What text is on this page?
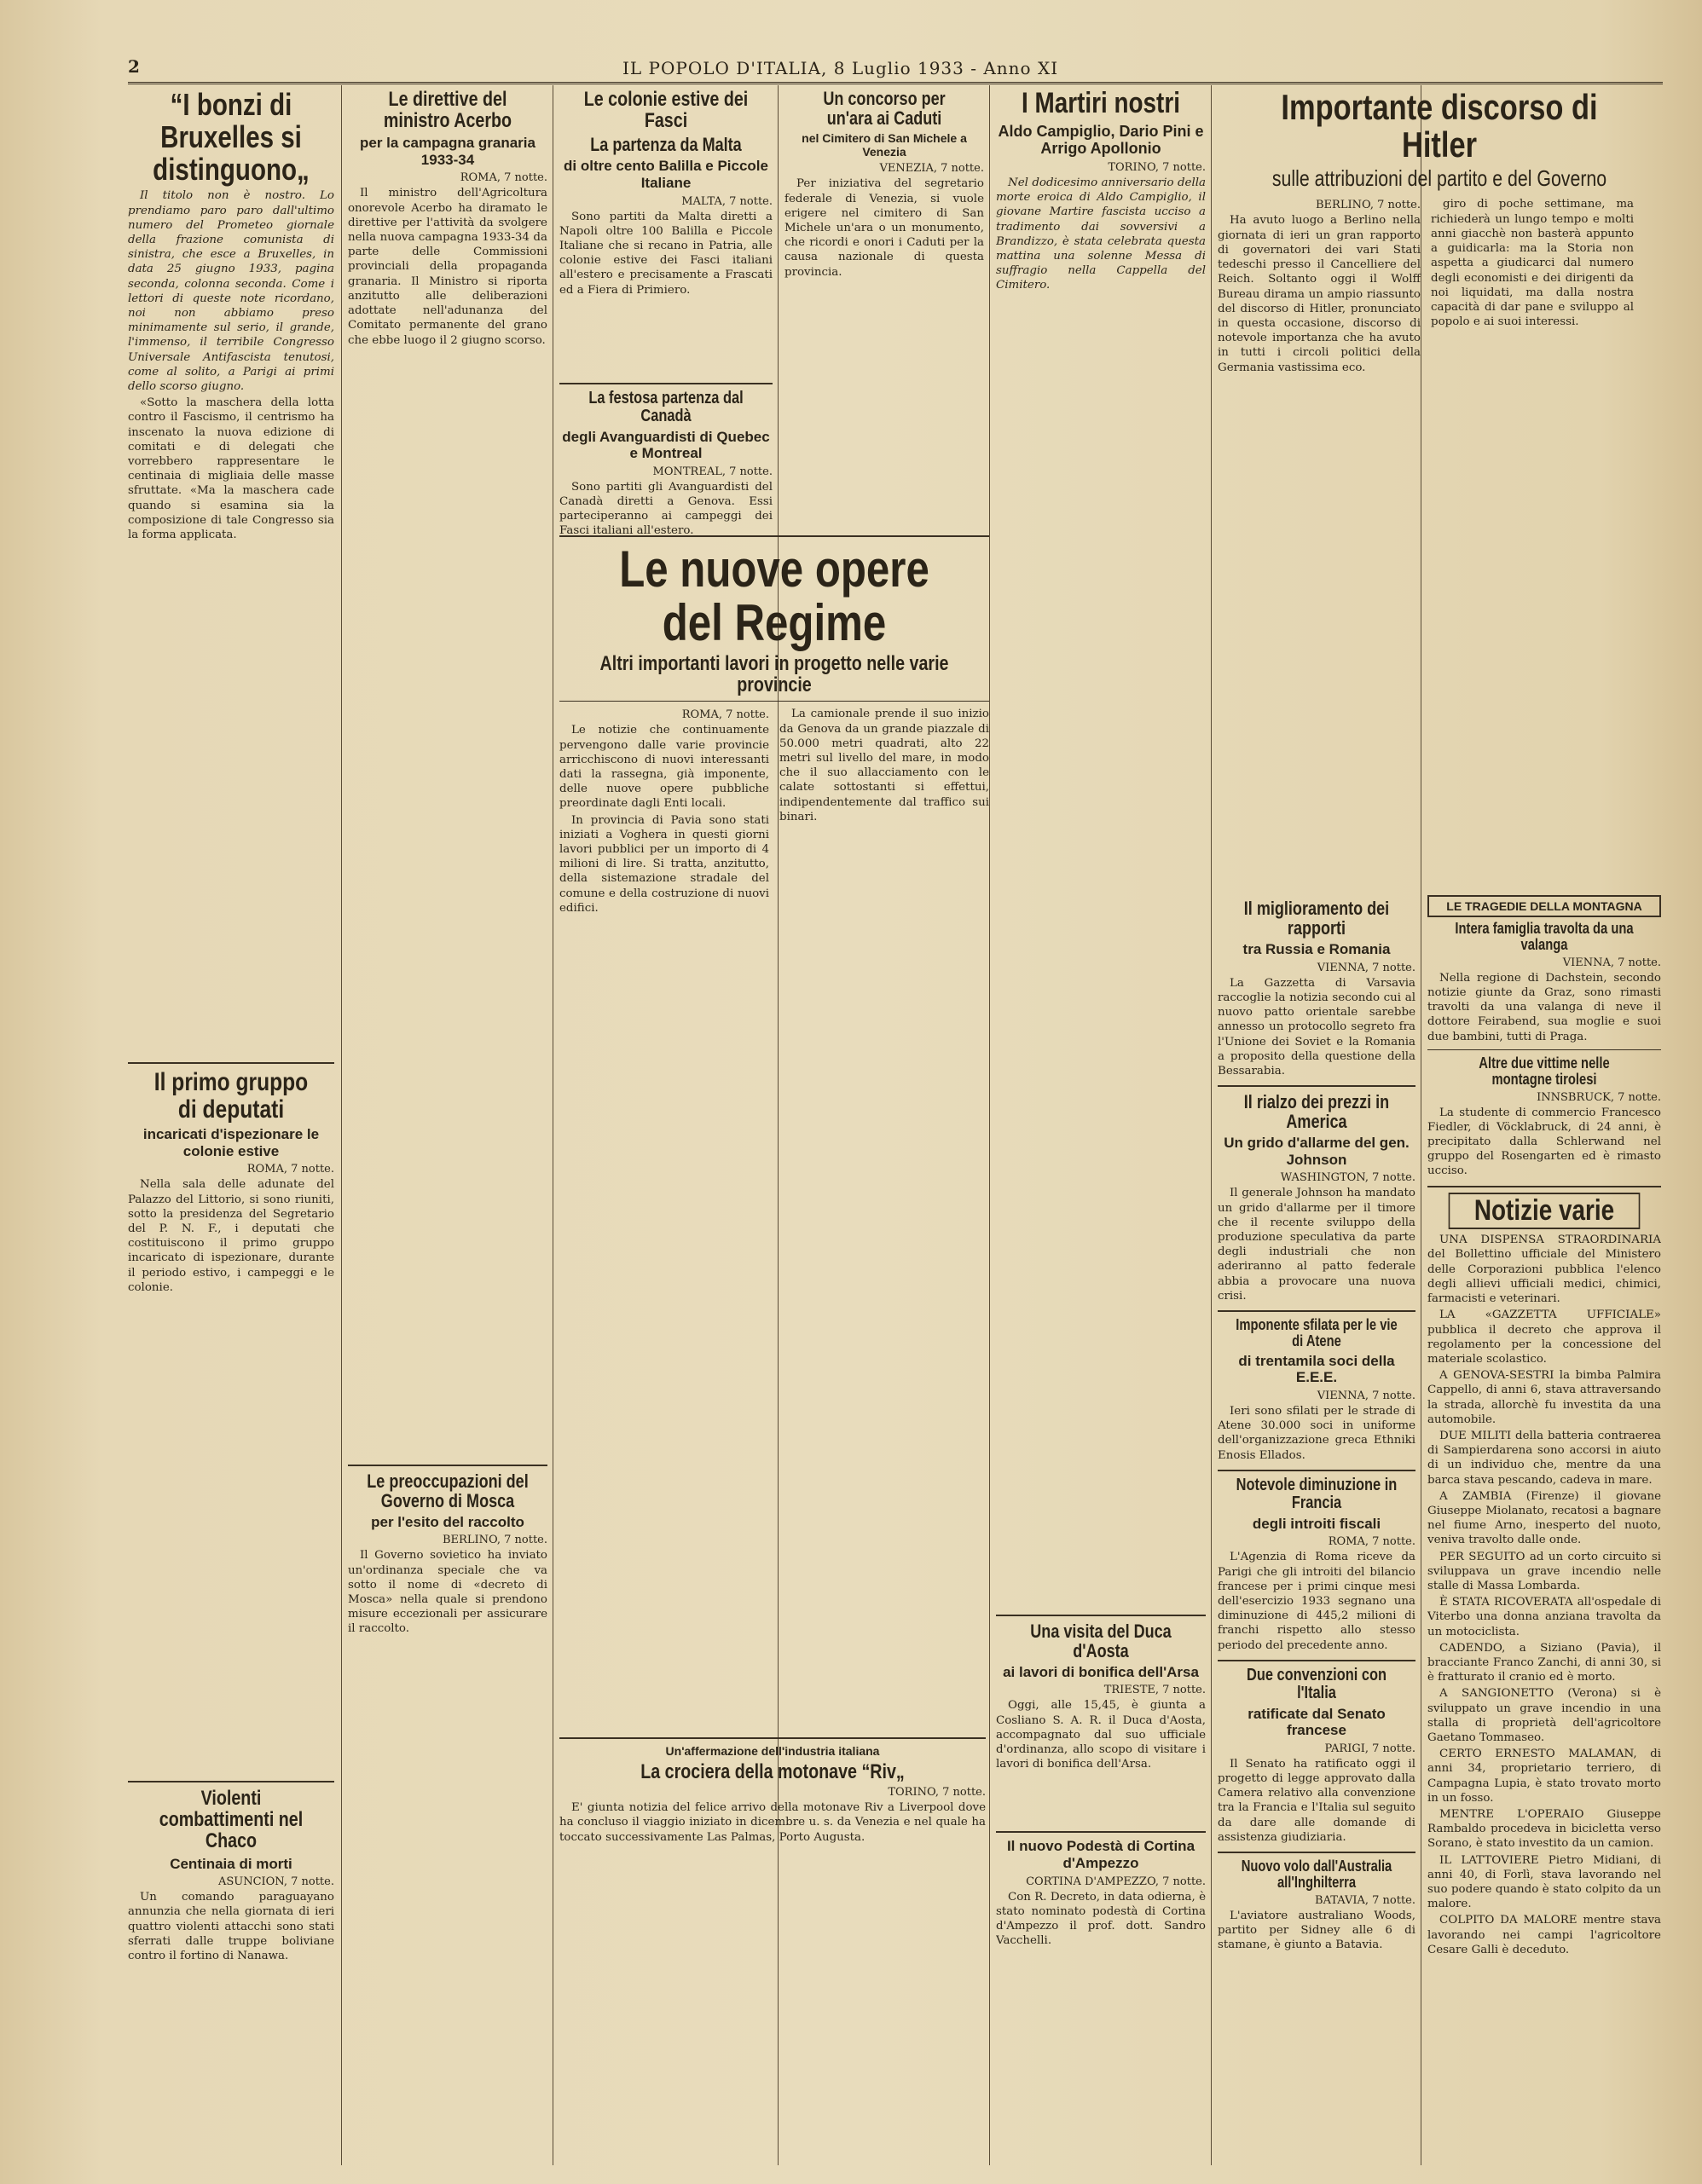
2	IL POPOLO D'ITALIA, 8 Luglio 1933 - Anno XI
“I bonzi di Bruxelles si distinguono„

Il titolo non è nostro. Lo prendiamo paro paro dall'ultimo numero del Prometeo giornale della frazione comunista di sinistra, che esce a Bruxelles, in data 25 giugno 1933, pagina seconda, colonna seconda. Come i lettori di queste note ricordano, noi non abbiamo preso minimamente sul serio, il grande, l'immenso, il terribile Congresso Universale Antifascista tenutosi, come al solito, a Parigi ai primi dello scorso giugno.

«Sotto la maschera della lotta contro il Fascismo, il centrismo ha inscenato la nuova edizione di comitati e di delegati che vorrebbero rappresentare le centinaia di migliaia delle masse sfruttate. «Ma la maschera cade quando si esamina sia la composizione di tale Congresso sia la forma applicata.

Il primo gruppo di deputati
incaricati d'ispezionare le colonie estive
ROMA, 7 notte.

Nella sala delle adunate del Palazzo del Littorio, si sono riuniti, sotto la presidenza del Segretario del P. N. F., i deputati che costituiscono il primo gruppo incaricato di ispezionare, durante il periodo estivo, i campeggi e le colonie.

Violenti combattimenti nel Chaco
Centinaia di morti
ASUNCION, 7 notte.

Un comando paraguayano annunzia che nella giornata di ieri quattro violenti attacchi sono stati sferrati dalle truppe boliviane contro il fortino di Nanawa.

Le direttive del ministro Acerbo
per la campagna granaria 1933-34
ROMA, 7 notte.

Il ministro dell'Agricoltura onorevole Acerbo ha diramato le direttive per l'attività da svolgere nella nuova campagna 1933-34 da parte delle Commissioni provinciali della propaganda granaria. Il Ministro si riporta anzitutto alle deliberazioni adottate nell'adunanza del Comitato permanente del grano che ebbe luogo il 2 giugno scorso.

Le preoccupazioni del Governo di Mosca
per l'esito del raccolto
BERLINO, 7 notte.

Il Governo sovietico ha inviato un'ordinanza speciale che va sotto il nome di «decreto di Mosca» nella quale si prendono misure eccezionali per assicurare il raccolto.

Le colonie estive dei Fasci
La partenza da Malta
di oltre cento Balilla e Piccole Italiane
MALTA, 7 notte.

Sono partiti da Malta diretti a Napoli oltre 100 Balilla e Piccole Italiane che si recano in Patria, alle colonie estive dei Fasci italiani all'estero e precisamente a Frascati ed a Fiera di Primiero.

La festosa partenza dal Canadà
degli Avanguardisti di Quebec e Montreal
MONTREAL, 7 notte.

Sono partiti gli Avanguardisti del Canadà diretti a Genova. Essi parteciperanno ai campeggi dei Fasci italiani all'estero.

Un concorso per un'ara ai Caduti
nel Cimitero di San Michele a Venezia
VENEZIA, 7 notte.

Per iniziativa del segretario federale di Venezia, si vuole erigere nel cimitero di San Michele un'ara o un monumento, che ricordi e onori i Caduti per la causa nazionale di questa provincia.

Le nuove opere del Regime
Altri importanti lavori in progetto nelle varie provincie
ROMA, 7 notte.

Le notizie che continuamente pervengono dalle varie provincie arricchiscono di nuovi interessanti dati la rassegna, già imponente, delle nuove opere pubbliche preordinate dagli Enti locali.

In provincia di Pavia sono stati iniziati a Voghera in questi giorni lavori pubblici per un importo di 4 milioni di lire. Si tratta, anzitutto, della sistemazione stradale del comune e della costruzione di nuovi edifici.

La camionale prende il suo inizio da Genova da un grande piazzale di 50.000 metri quadrati, alto 22 metri sul livello del mare, in modo che il suo allacciamento con le calate sottostanti si effettui, indipendentemente dal traffico sui binari.

Un'affermazione dell'industria italiana
La crociera della motonave “Riv„
TORINO, 7 notte.

E' giunta notizia del felice arrivo della motonave Riv a Liverpool dove ha concluso il viaggio iniziato in dicembre u. s. da Venezia e nel quale ha toccato successivamente Las Palmas, Porto Augusta.

I Martiri nostri
Aldo Campiglio, Dario Pini e Arrigo Apollonio
TORINO, 7 notte.

Nel dodicesimo anniversario della morte eroica di Aldo Campiglio, il giovane Martire fascista ucciso a tradimento dai sovversivi a Brandizzo, è stata celebrata questa mattina una solenne Messa di suffragio nella Cappella del Cimitero.

Una visita del Duca d'Aosta
ai lavori di bonifica dell'Arsa
TRIESTE, 7 notte.

Oggi, alle 15,45, è giunta a Cosliano S. A. R. il Duca d'Aosta, accompagnato dal suo ufficiale d'ordinanza, allo scopo di visitare i lavori di bonifica dell'Arsa.

Il nuovo Podestà di Cortina d'Ampezzo
CORTINA D'AMPEZZO, 7 notte.

Con R. Decreto, in data odierna, è stato nominato podestà di Cortina d'Ampezzo il prof. dott. Sandro Vacchelli.

Importante discorso di Hitler
sulle attribuzioni del partito e del Governo
BERLINO, 7 notte.

Ha avuto luogo a Berlino nella giornata di ieri un gran rapporto di governatori dei vari Stati tedeschi presso il Cancelliere del Reich. Soltanto oggi il Wolff Bureau dirama un ampio riassunto del discorso di Hitler, pronunciato in questa occasione, discorso di notevole importanza che ha avuto in tutti i circoli politici della Germania vastissima eco.

giro di poche settimane, ma richiederà un lungo tempo e molti anni giacchè non basterà appunto a guidicarla: ma la Storia non aspetta a giudicarci dal numero degli economisti e dei dirigenti da noi liquidati, ma dalla nostra capacità di dar pane e sviluppo al popolo e ai suoi interessi.

Il miglioramento dei rapporti
tra Russia e Romania
VIENNA, 7 notte.

La Gazzetta di Varsavia raccoglie la notizia secondo cui al nuovo patto orientale sarebbe annesso un protocollo segreto fra l'Unione dei Soviet e la Romania a proposito della questione della Bessarabia.

Il rialzo dei prezzi in America
Un grido d'allarme del gen. Johnson
WASHINGTON, 7 notte.

Il generale Johnson ha mandato un grido d'allarme per il timore che il recente sviluppo della produzione speculativa da parte degli industriali che non aderiranno al patto federale abbia a provocare una nuova crisi.

Imponente sfilata per le vie di Atene
di trentamila soci della E.E.E.
VIENNA, 7 notte.

Ieri sono sfilati per le strade di Atene 30.000 soci in uniforme dell'organizzazione greca Ethniki Enosis Ellados.

Notevole diminuzione in Francia
degli introiti fiscali
ROMA, 7 notte.

L'Agenzia di Roma riceve da Parigi che gli introiti del bilancio francese per i primi cinque mesi dell'esercizio 1933 segnano una diminuzione di 445,2 milioni di franchi rispetto allo stesso periodo del precedente anno.

Due convenzioni con l'Italia
ratificate dal Senato francese
PARIGI, 7 notte.

Il Senato ha ratificato oggi il progetto di legge approvato dalla Camera relativo alla convenzione tra la Francia e l'Italia sul seguito da dare alle domande di assistenza giudiziaria.

Nuovo volo dall'Australia all'Inghilterra
BATAVIA, 7 notte.

L'aviatore australiano Woods, partito per Sidney alle 6 di stamane, è giunto a Batavia.

LE TRAGEDIE DELLA MONTAGNA
Intera famiglia travolta da una valanga
VIENNA, 7 notte.

Nella regione di Dachstein, secondo notizie giunte da Graz, sono rimasti travolti da una valanga di neve il dottore Feirabend, sua moglie e suoi due bambini, tutti di Praga.

Altre due vittime nelle montagne tirolesi
INNSBRUCK, 7 notte.

La studente di commercio Francesco Fiedler, di Vöcklabruck, di 24 anni, è precipitato dalla Schlerwand nel gruppo del Rosengarten ed è rimasto ucciso.

Notizie varie

UNA DISPENSA STRAORDINARIA del Bollettino ufficiale del Ministero delle Corporazioni pubblica l'elenco degli allievi ufficiali medici, chimici, farmacisti e veterinari.

LA «GAZZETTA UFFICIALE» pubblica il decreto che approva il regolamento per la concessione del materiale scolastico.

A GENOVA-SESTRI la bimba Palmira Cappello, di anni 6, stava attraversando la strada, allorchè fu investita da una automobile.

DUE MILITI della batteria contraerea di Sampierdarena sono accorsi in aiuto di un individuo che, mentre da una barca stava pescando, cadeva in mare.

A ZAMBIA (Firenze) il giovane Giuseppe Miolanato, recatosi a bagnare nel fiume Arno, inesperto del nuoto, veniva travolto dalle onde.

PER SEGUITO ad un corto circuito si sviluppava un grave incendio nelle stalle di Massa Lombarda.

È STATA RICOVERATA all'ospedale di Viterbo una donna anziana travolta da un motociclista.

CADENDO, a Siziano (Pavia), il bracciante Franco Zanchi, di anni 30, si è fratturato il cranio ed è morto.

A SANGIONETTO (Verona) si è sviluppato un grave incendio in una stalla di proprietà dell'agricoltore Gaetano Tommaseo.

CERTO ERNESTO MALAMAN, di anni 34, proprietario terriero, di Campagna Lupia, è stato trovato morto in un fosso.

MENTRE L'OPERAIO Giuseppe Rambaldo procedeva in bicicletta verso Sorano, è stato investito da un camion.

IL LATTOVIERE Pietro Midiani, di anni 40, di Forlì, stava lavorando nel suo podere quando è stato colpito da un malore.

COLPITO DA MALORE mentre stava lavorando nei campi l'agricoltore Cesare Galli è deceduto.
